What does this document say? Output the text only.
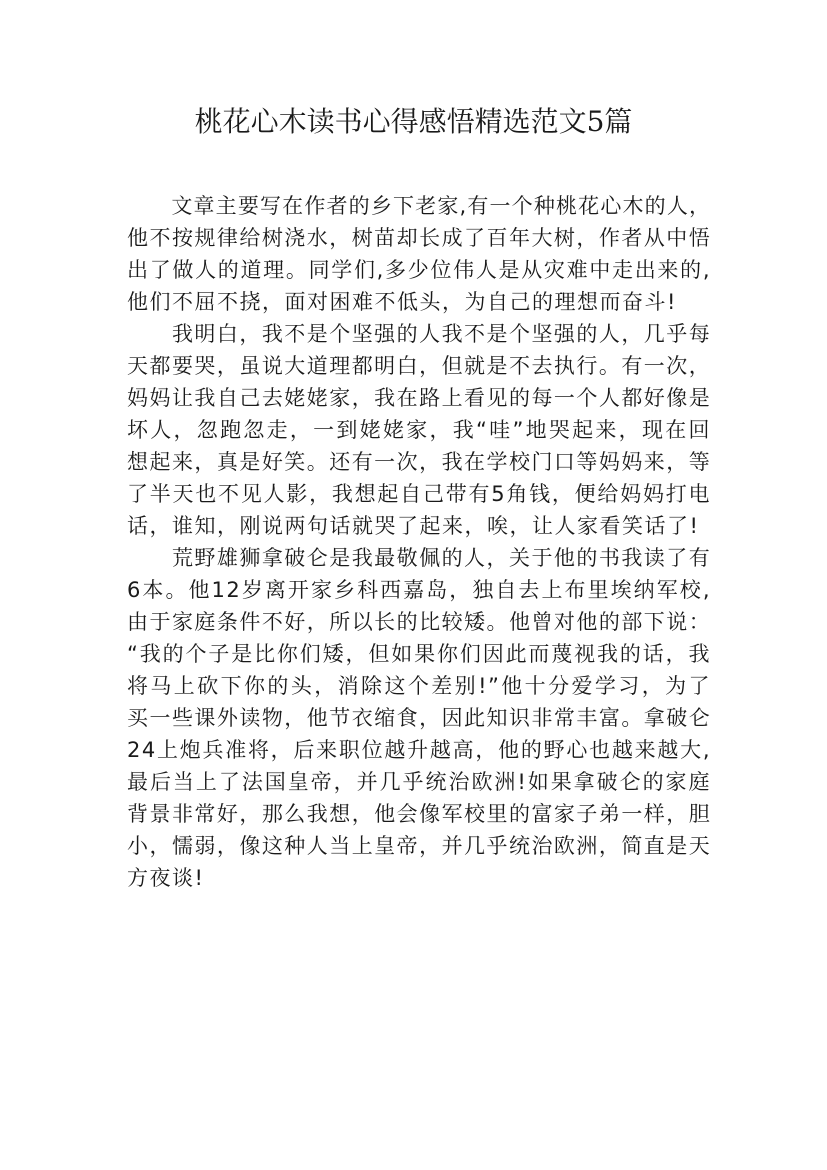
桃花心木读书心得感悟精选范文5篇
　　文章主要写在作者的乡下老家,有一个种桃花心木的人，
他不按规律给树浇水，树苗却长成了百年大树，作者从中悟
出了做人的道理。同学们,多少位伟人是从灾难中走出来的,
他们不屈不挠，面对困难不低头，为自己的理想而奋斗!
　　我明白，我不是个坚强的人我不是个坚强的人，几乎每
天都要哭，虽说大道理都明白，但就是不去执行。有一次，
妈妈让我自己去姥姥家，我在路上看见的每一个人都好像是
坏人，忽跑忽走，一到姥姥家，我“哇”地哭起来，现在回
想起来，真是好笑。还有一次，我在学校门口等妈妈来，等
了半天也不见人影，我想起自己带有5角钱，便给妈妈打电
话，谁知，刚说两句话就哭了起来，唉，让人家看笑话了!
　　荒野雄狮拿破仑是我最敬佩的人，关于他的书我读了有
6本。他12岁离开家乡科西嘉岛，独自去上布里埃纳军校,
由于家庭条件不好，所以长的比较矮。他曾对他的部下说：
“我的个子是比你们矮，但如果你们因此而蔑视我的话，我
将马上砍下你的头，消除这个差别!”他十分爱学习，为了
买一些课外读物，他节衣缩食，因此知识非常丰富。拿破仑
24上炮兵准将，后来职位越升越高，他的野心也越来越大,
最后当上了法国皇帝，并几乎统治欧洲!如果拿破仑的家庭
背景非常好，那么我想，他会像军校里的富家子弟一样，胆
小，懦弱，像这种人当上皇帝，并几乎统治欧洲，简直是天
方夜谈!
